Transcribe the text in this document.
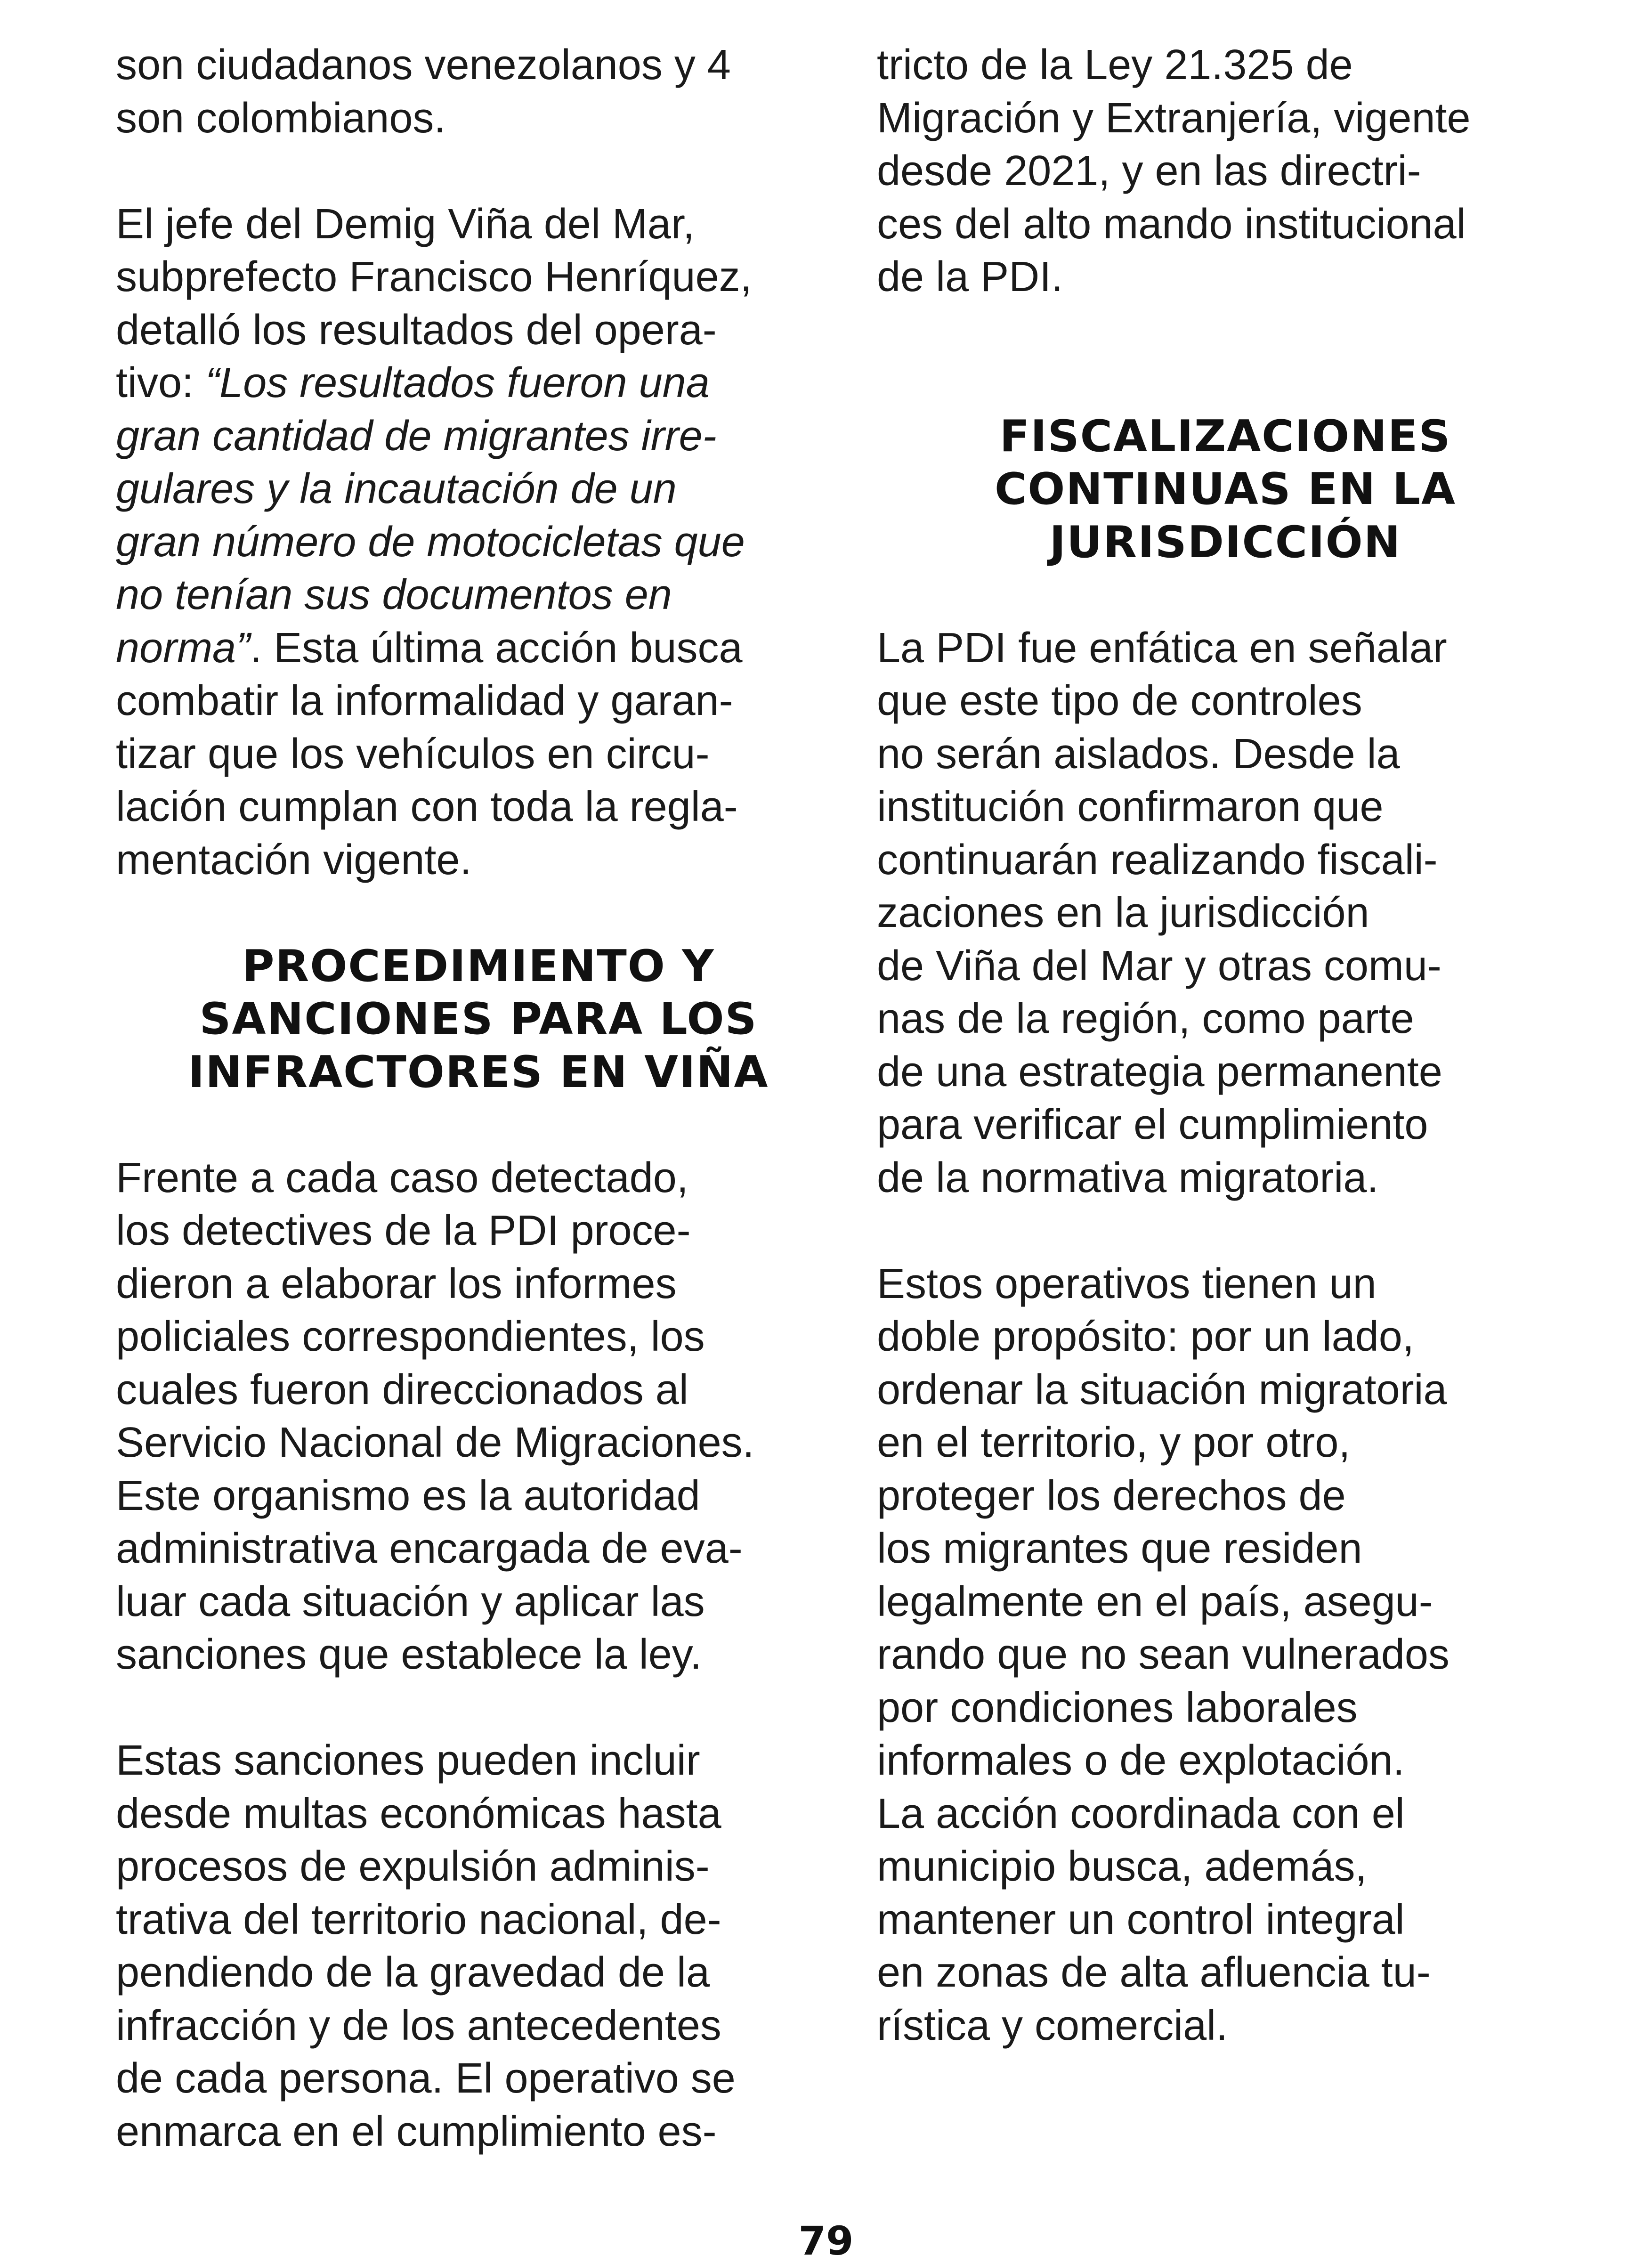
son ciudadanos venezolanos y 4
son colombianos.
El jefe del Demig Viña del Mar,
subprefecto Francisco Henríquez,
detalló los resultados del opera-
tivo: “Los resultados fueron una
gran cantidad de migrantes irre-
gulares y la incautación de un
gran número de motocicletas que
no tenían sus documentos en
norma”. Esta última acción busca
combatir la informalidad y garan-
tizar que los vehículos en circu-
lación cumplan con toda la regla-
mentación vigente.
PROCEDIMIENTO Y
SANCIONES PARA LOS
INFRACTORES EN VIÑA
Frente a cada caso detectado,
los detectives de la PDI proce-
dieron a elaborar los informes
policiales correspondientes, los
cuales fueron direccionados al
Servicio Nacional de Migraciones.
Este organismo es la autoridad
administrativa encargada de eva-
luar cada situación y aplicar las
sanciones que establece la ley.
Estas sanciones pueden incluir
desde multas económicas hasta
procesos de expulsión adminis-
trativa del territorio nacional, de-
pendiendo de la gravedad de la
infracción y de los antecedentes
de cada persona. El operativo se
enmarca en el cumplimiento es-
tricto de la Ley 21.325 de
Migración y Extranjería, vigente
desde 2021, y en las directri-
ces del alto mando institucional
de la PDI.
FISCALIZACIONES
CONTINUAS EN LA
JURISDICCIÓN
La PDI fue enfática en señalar
que este tipo de controles
no serán aislados. Desde la
institución confirmaron que
continuarán realizando fiscali-
zaciones en la jurisdicción
de Viña del Mar y otras comu-
nas de la región, como parte
de una estrategia permanente
para verificar el cumplimiento
de la normativa migratoria.
Estos operativos tienen un
doble propósito: por un lado,
ordenar la situación migratoria
en el territorio, y por otro,
proteger los derechos de
los migrantes que residen
legalmente en el país, asegu-
rando que no sean vulnerados
por condiciones laborales
informales o de explotación.
La acción coordinada con el
municipio busca, además,
mantener un control integral
en zonas de alta afluencia tu-
rística y comercial.
79
